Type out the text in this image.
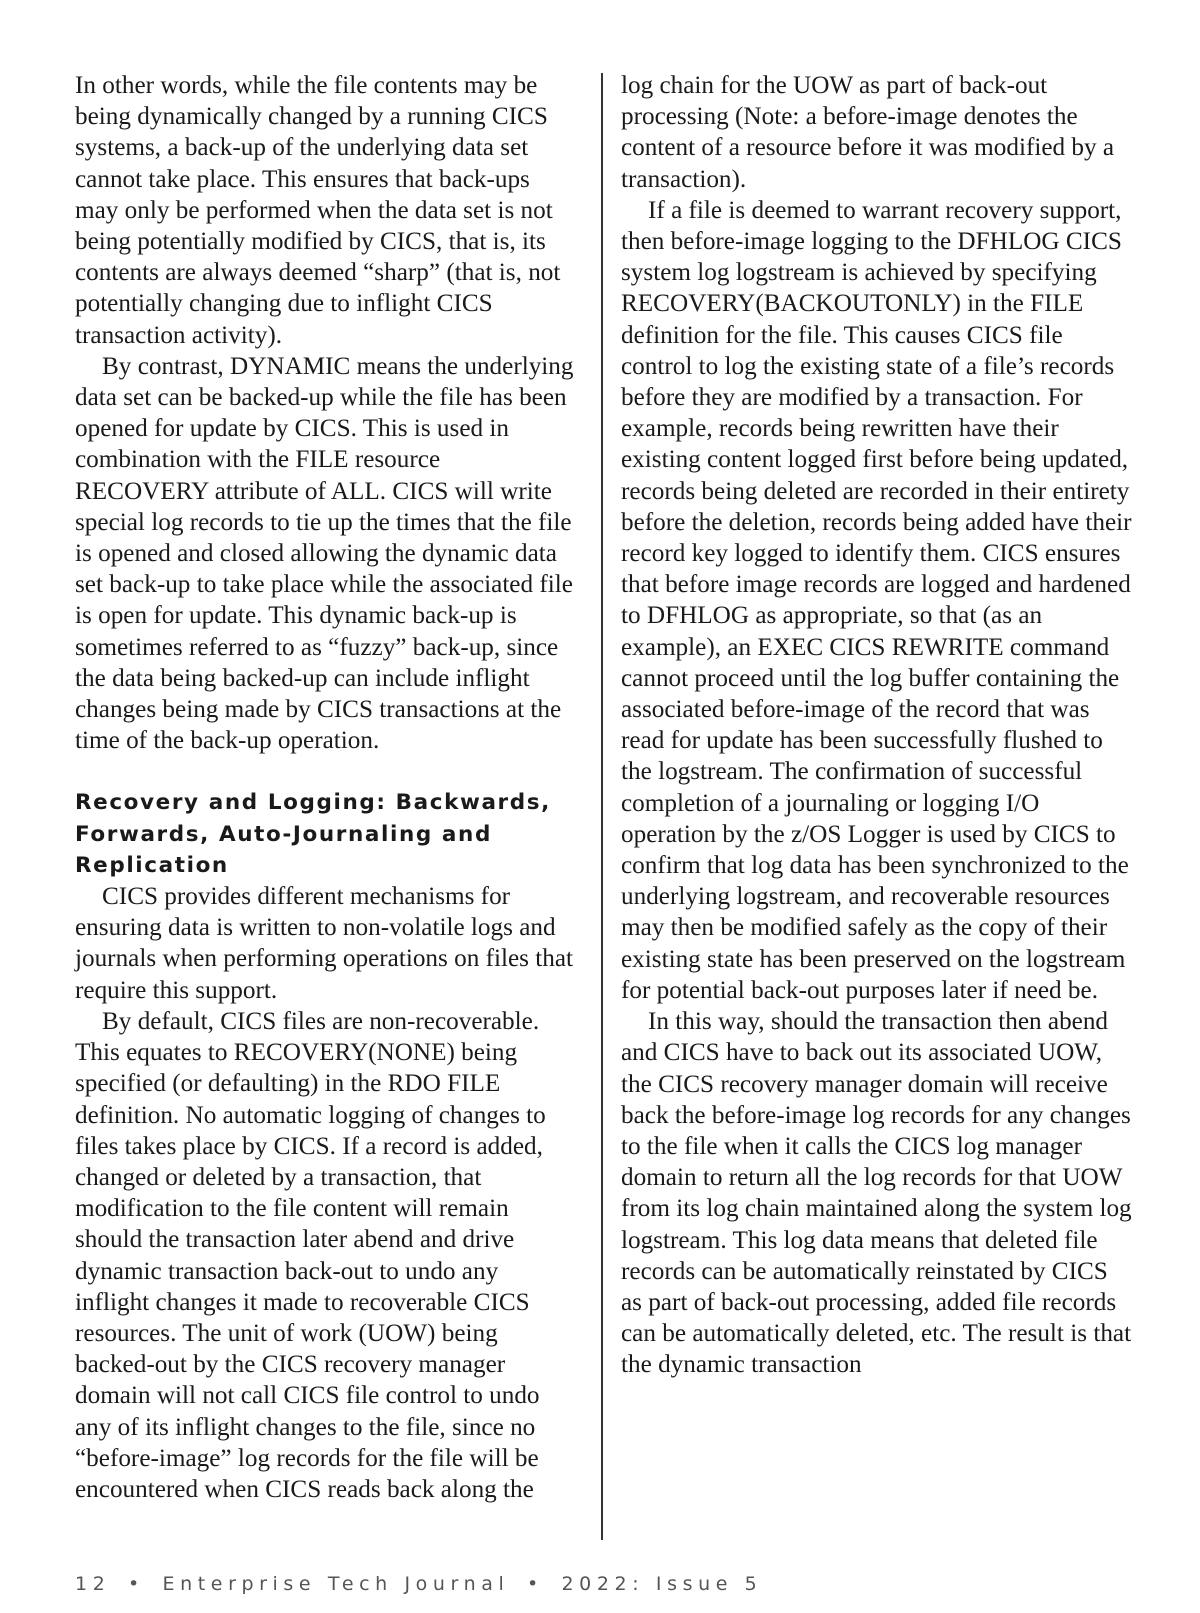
In other words, while the file contents may be being dynamically changed by a running CICS systems, a back-up of the underlying data set cannot take place. This ensures that back-ups may only be performed when the data set is not being potentially modified by CICS, that is, its contents are always deemed “sharp” (that is, not potentially changing due to inflight CICS transaction activity).

By contrast, DYNAMIC means the underlying data set can be backed-up while the file has been opened for update by CICS. This is used in combination with the FILE resource RECOVERY attribute of ALL. CICS will write special log records to tie up the times that the file is opened and closed allowing the dynamic data set back-up to take place while the associated file is open for update. This dynamic back-up is sometimes referred to as “fuzzy” back-up, since the data being backed-up can include inflight changes being made by CICS transactions at the time of the back-up operation.

Recovery and Logging: Backwards, Forwards, Auto-Journaling and Replication

CICS provides different mechanisms for ensuring data is written to non-volatile logs and journals when performing operations on files that require this support.

By default, CICS files are non-recoverable. This equates to RECOVERY(NONE) being specified (or defaulting) in the RDO FILE definition. No automatic logging of changes to files takes place by CICS. If a record is added, changed or deleted by a transaction, that modification to the file content will remain should the transaction later abend and drive dynamic transaction back-out to undo any inflight changes it made to recoverable CICS resources. The unit of work (UOW) being backed-out by the CICS recovery manager domain will not call CICS file control to undo any of its inflight changes to the file, since no “before-image” log records for the file will be encountered when CICS reads back along the

log chain for the UOW as part of back-out processing (Note: a before-image denotes the content of a resource before it was modified by a transaction).

If a file is deemed to warrant recovery support, then before-image logging to the DFHLOG CICS system log logstream is achieved by specifying RECOVERY(BACKOUTONLY) in the FILE definition for the file. This causes CICS file control to log the existing state of a file’s records before they are modified by a transaction. For example, records being rewritten have their existing content logged first before being updated, records being deleted are recorded in their entirety before the deletion, records being added have their record key logged to identify them. CICS ensures that before image records are logged and hardened to DFHLOG as appropriate, so that (as an example), an EXEC CICS REWRITE command cannot proceed until the log buffer containing the associated before-image of the record that was read for update has been successfully flushed to the logstream. The confirmation of successful completion of a journaling or logging I/O operation by the z/OS Logger is used by CICS to confirm that log data has been synchronized to the underlying logstream, and recoverable resources may then be modified safely as the copy of their existing state has been preserved on the logstream for potential back-out purposes later if need be.

In this way, should the transaction then abend and CICS have to back out its associated UOW, the CICS recovery manager domain will receive back the before-image log records for any changes to the file when it calls the CICS log manager domain to return all the log records for that UOW from its log chain maintained along the system log logstream. This log data means that deleted file records can be automatically reinstated by CICS as part of back-out processing, added file records can be automatically deleted, etc. The result is that the dynamic transaction

12 • Enterprise Tech Journal • 2022: Issue 5
